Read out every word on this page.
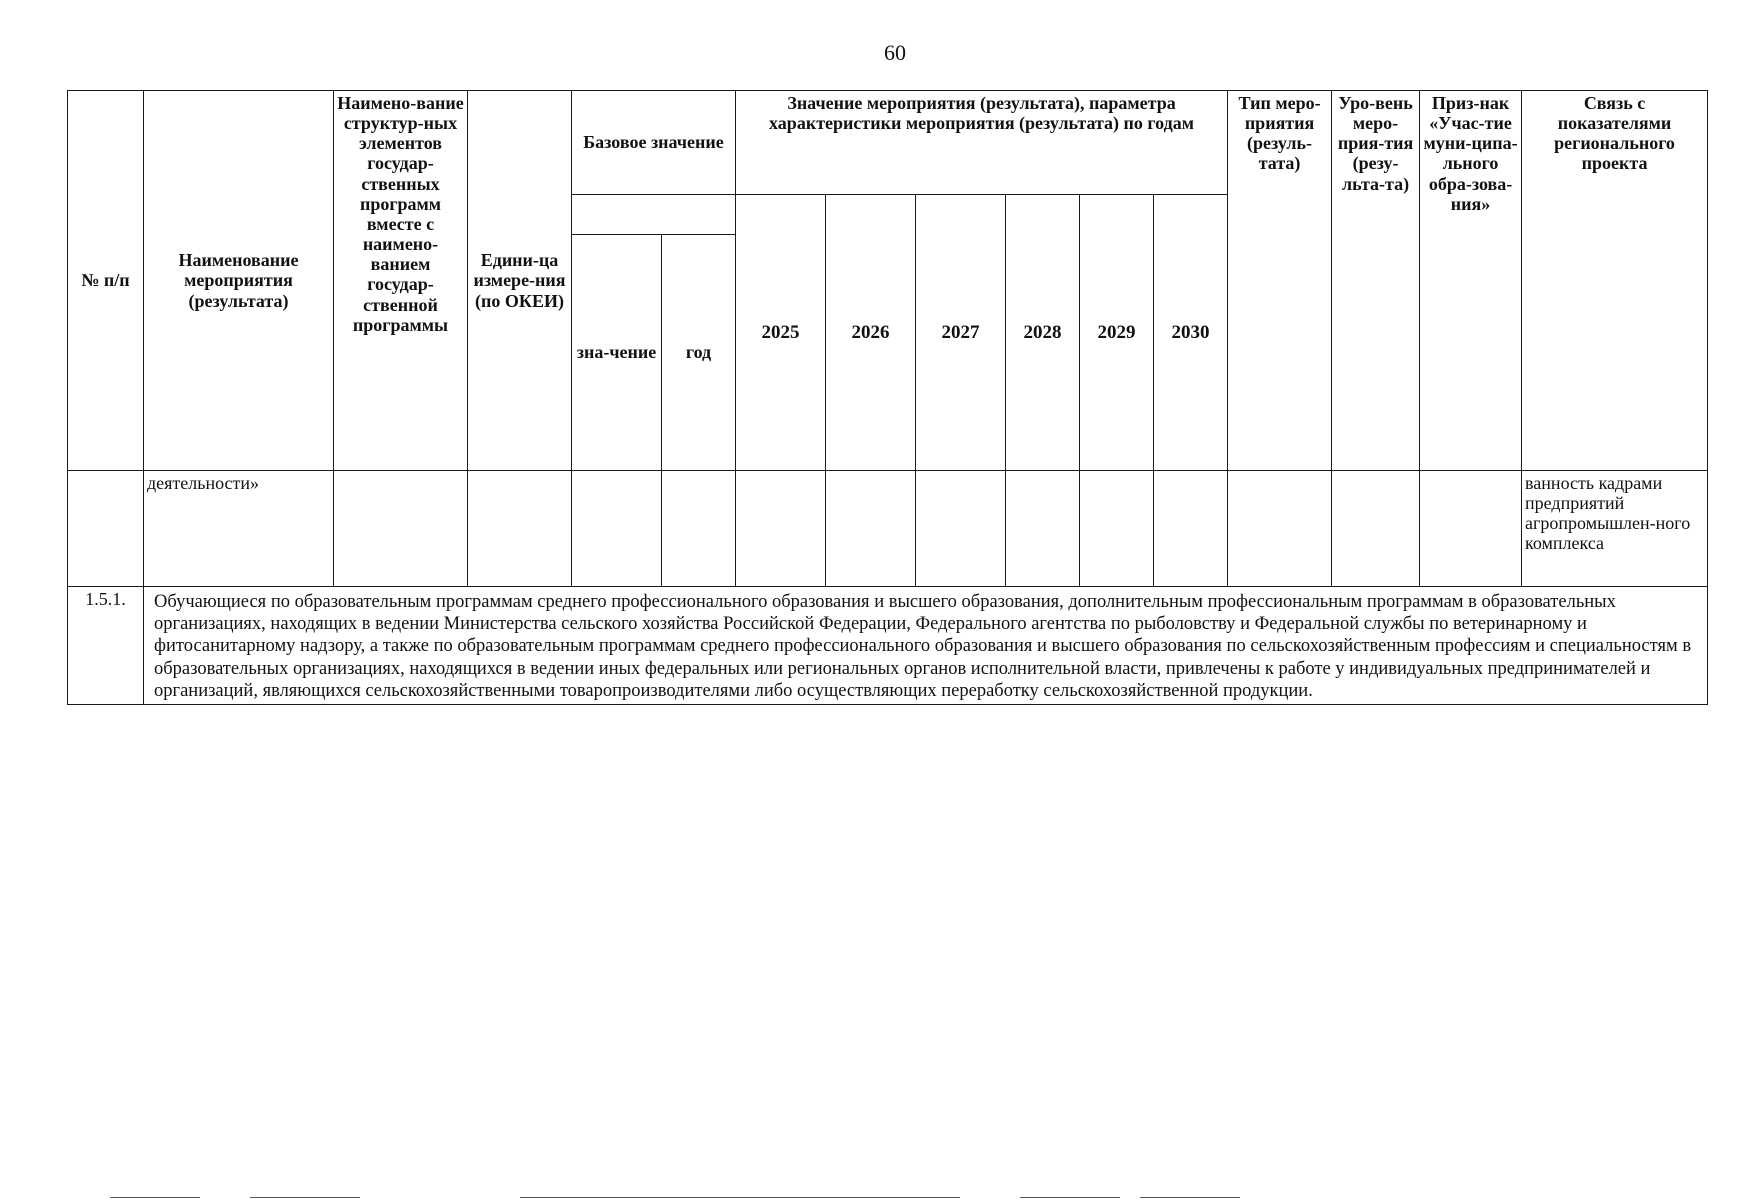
60
№ п/п	Наименование мероприятия (результата)	Наимено-вание структур-ных элементов государ-ственных программ вместе с наимено-ванием государ-ственной программы	Едини-ца измере-ния (по ОКЕИ)	Базовое значение		Значение мероприятия (результата), параметра характеристики мероприятия (результата) по годам						Тип меро-приятия (резуль-тата)	Уро-вень меро-прия-тия (резу-льта-та)	Приз-нак «Учас-тие муни-ципа-льного обра-зова-ния»	Связь с показателями регионального проекта
						2025	2026	2027	2028	2029	2030				
				зна-чение	год										
	деятельности»														ванность кадрами предприятий агропромышлен-ного комплекса
1.5.1.	Обучающиеся по образовательным программам среднего профессионального образования и высшего образования, дополнительным профессиональным программам в образовательных организациях, находящих в ведении Министерства сельского хозяйства Российской Федерации, Федерального агентства по рыболовству и Федеральной службы по ветеринарному и фитосанитарному надзору, а также по образовательным программам среднего профессионального образования и высшего образования по сельскохозяйственным профессиям и специальностям в образовательных организациях, находящихся в ведении иных федеральных или региональных органов исполнительной власти, привлечены к работе у индивидуальных предпринимателей и организаций, являющихся сельскохозяйственными товаропроизводителями либо осуществляющих переработку сельскохозяйственной продукции.														
